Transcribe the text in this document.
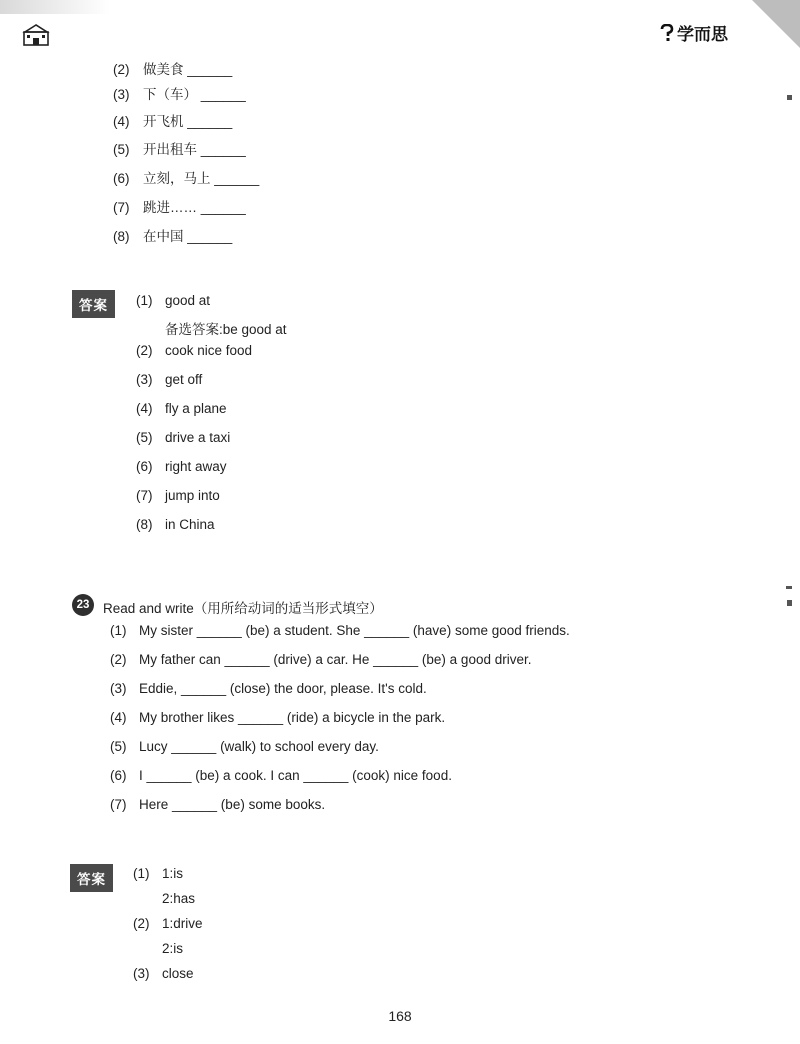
学而思
(2)	做美食 ______
(3)	下（车） ______
(4)	开飞机 ______
(5)	开出租车 ______
(6)	立刻，马上 ______
(7)	跳进…… ______
(8)	在中国 ______
答案	(1) good at
备选答案:be good at
(2) cook nice food
(3) get off
(4) fly a plane
(5) drive a taxi
(6) right away
(7) jump into
(8) in China
23	Read and write（用所给动词的适当形式填空）
(1) My sister ______ (be) a student. She ______ (have) some good friends.
(2) My father can ______ (drive) a car. He ______ (be) a good driver.
(3) Eddie, ______ (close) the door, please. It's cold.
(4) My brother likes ______ (ride) a bicycle in the park.
(5) Lucy ______ (walk) to school every day.
(6) I ______ (be) a cook. I can ______ (cook) nice food.
(7) Here ______ (be) some books.
答案	(1) 1:is
2:has
(2) 1:drive
2:is
(3) close
168
